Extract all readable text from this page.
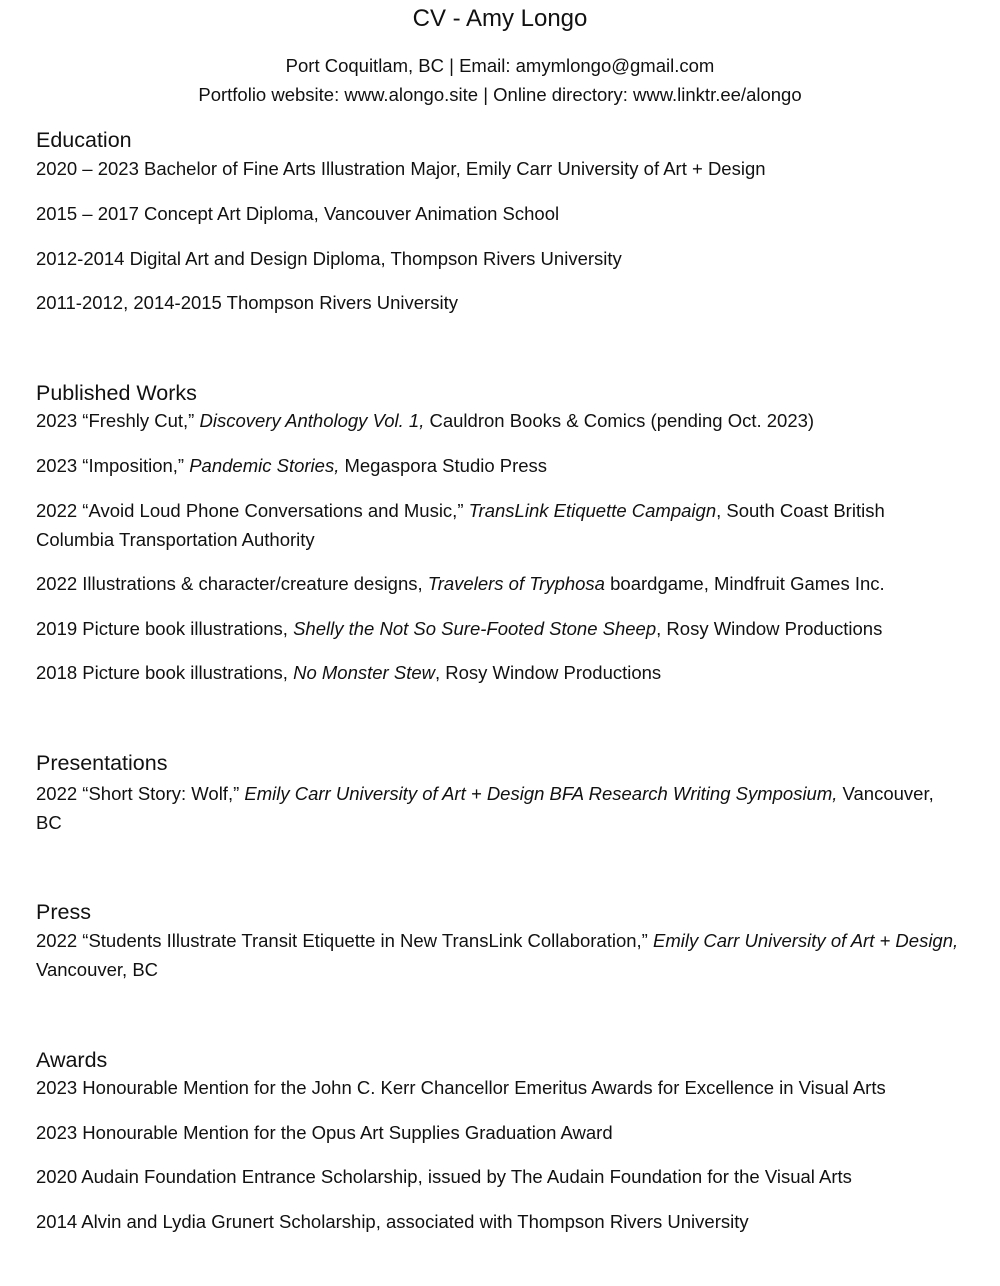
CV - Amy Longo
Port Coquitlam, BC | Email: amymlongo@gmail.com
Portfolio website: www.alongo.site | Online directory: www.linktr.ee/alongo
Education
2020 – 2023 Bachelor of Fine Arts Illustration Major, Emily Carr University of Art + Design
2015 – 2017 Concept Art Diploma, Vancouver Animation School
2012-2014 Digital Art and Design Diploma, Thompson Rivers University
2011-2012, 2014-2015 Thompson Rivers University
Published Works
2023 “Freshly Cut,” Discovery Anthology Vol. 1, Cauldron Books & Comics (pending Oct. 2023)
2023 “Imposition,” Pandemic Stories, Megaspora Studio Press
2022 “Avoid Loud Phone Conversations and Music,” TransLink Etiquette Campaign, South Coast British Columbia Transportation Authority
2022 Illustrations & character/creature designs, Travelers of Tryphosa boardgame, Mindfruit Games Inc.
2019 Picture book illustrations, Shelly the Not So Sure-Footed Stone Sheep, Rosy Window Productions
2018 Picture book illustrations, No Monster Stew, Rosy Window Productions
Presentations
2022 “Short Story: Wolf,” Emily Carr University of Art + Design BFA Research Writing Symposium, Vancouver, BC
Press
2022 “Students Illustrate Transit Etiquette in New TransLink Collaboration,” Emily Carr University of Art + Design, Vancouver, BC
Awards
2023 Honourable Mention for the John C. Kerr Chancellor Emeritus Awards for Excellence in Visual Arts
2023 Honourable Mention for the Opus Art Supplies Graduation Award
2020 Audain Foundation Entrance Scholarship, issued by The Audain Foundation for the Visual Arts
2014 Alvin and Lydia Grunert Scholarship, associated with Thompson Rivers University
